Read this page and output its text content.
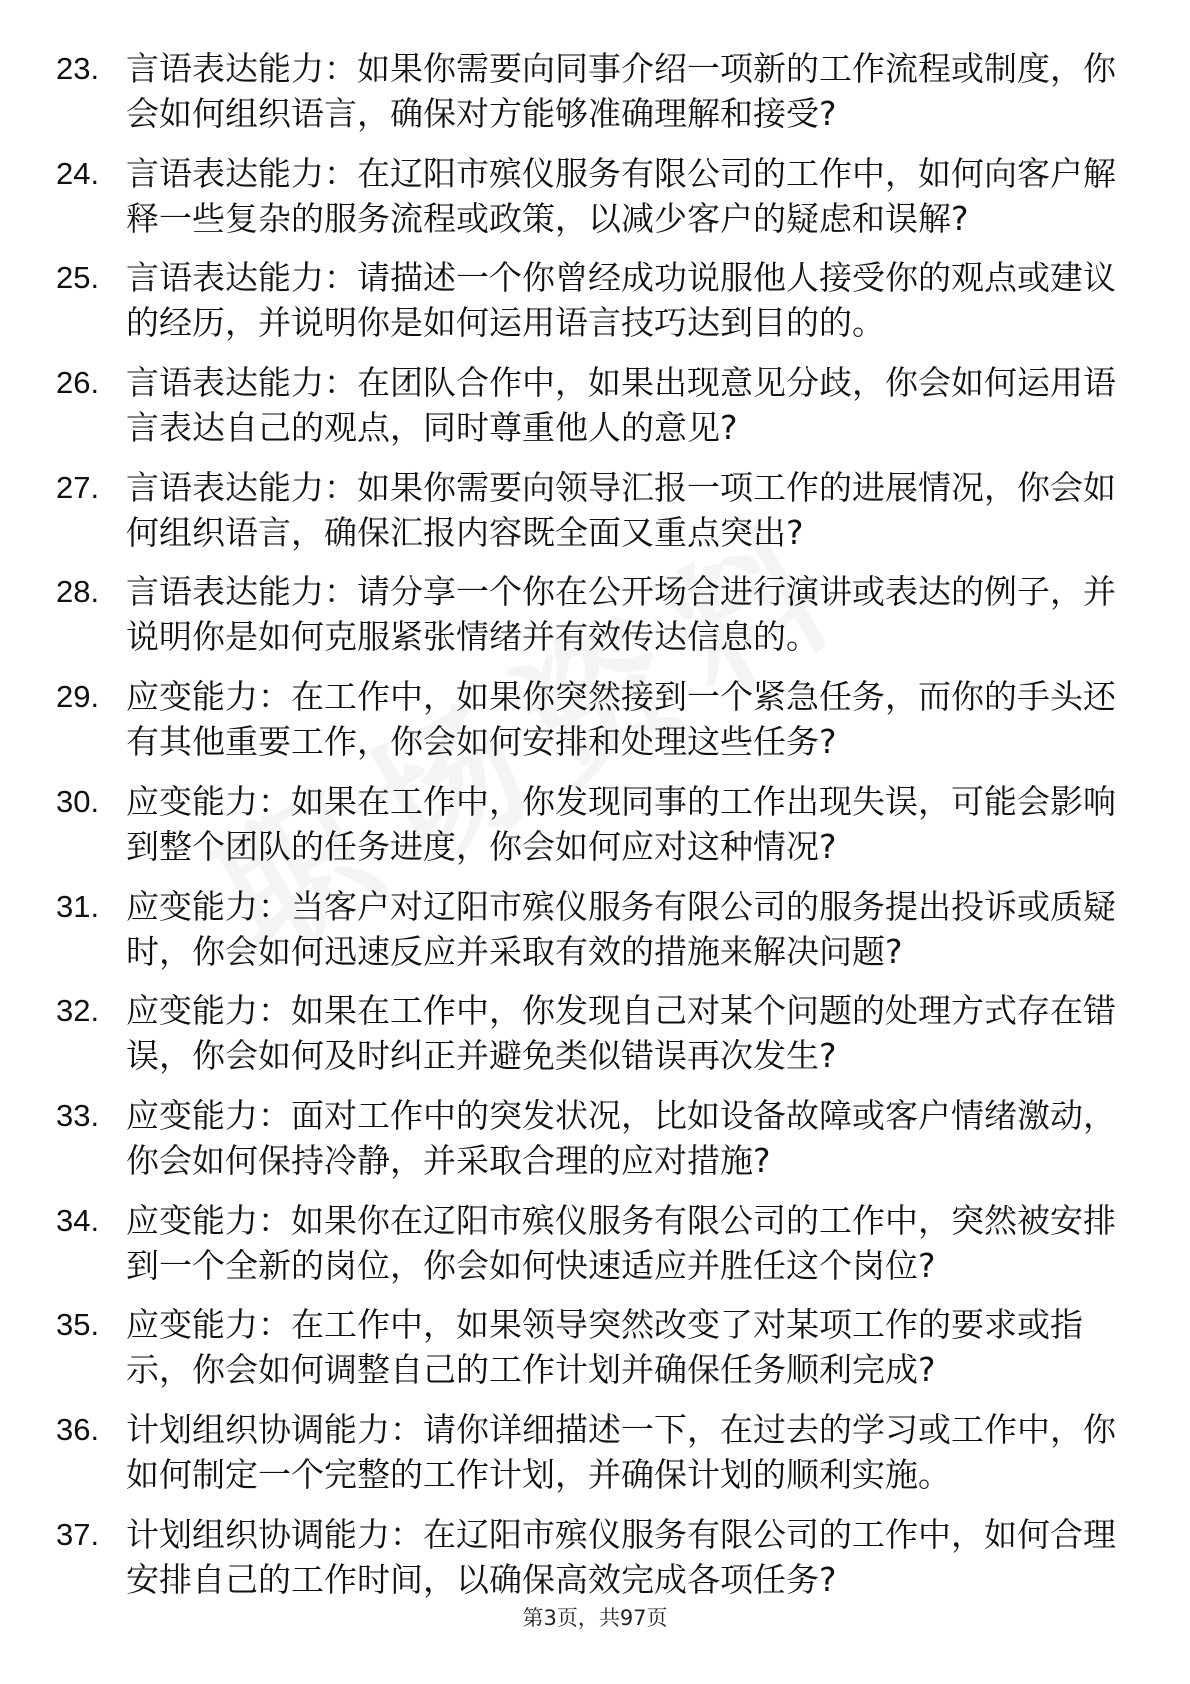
23. 言语表达能力：如果你需要向同事介绍一项新的工作流程或制度，你会如何组织语言，确保对方能够准确理解和接受?
24. 言语表达能力：在辽阳市殡仪服务有限公司的工作中，如何向客户解释一些复杂的服务流程或政策，以减少客户的疑虑和误解?
25. 言语表达能力：请描述一个你曾经成功说服他人接受你的观点或建议的经历，并说明你是如何运用语言技巧达到目的的。
26. 言语表达能力：在团队合作中，如果出现意见分歧，你会如何运用语言表达自己的观点，同时尊重他人的意见?
27. 言语表达能力：如果你需要向领导汇报一项工作的进展情况，你会如何组织语言，确保汇报内容既全面又重点突出?
28. 言语表达能力：请分享一个你在公开场合进行演讲或表达的例子，并说明你是如何克服紧张情绪并有效传达信息的。
29. 应变能力：在工作中，如果你突然接到一个紧急任务，而你的手头还有其他重要工作，你会如何安排和处理这些任务?
30. 应变能力：如果在工作中，你发现同事的工作出现失误，可能会影响到整个团队的任务进度，你会如何应对这种情况?
31. 应变能力：当客户对辽阳市殡仪服务有限公司的服务提出投诉或质疑时，你会如何迅速反应并采取有效的措施来解决问题?
32. 应变能力：如果在工作中，你发现自己对某个问题的处理方式存在错误，你会如何及时纠正并避免类似错误再次发生?
33. 应变能力：面对工作中的突发状况，比如设备故障或客户情绪激动，你会如何保持冷静，并采取合理的应对措施?
34. 应变能力：如果你在辽阳市殡仪服务有限公司的工作中，突然被安排到一个全新的岗位，你会如何快速适应并胜任这个岗位?
35. 应变能力：在工作中，如果领导突然改变了对某项工作的要求或指示，你会如何调整自己的工作计划并确保任务顺利完成?
36. 计划组织协调能力：请你详细描述一下，在过去的学习或工作中，你如何制定一个完整的工作计划，并确保计划的顺利实施。
37. 计划组织协调能力：在辽阳市殡仪服务有限公司的工作中，如何合理安排自己的工作时间，以确保高效完成各项任务?
第3页，共97页
